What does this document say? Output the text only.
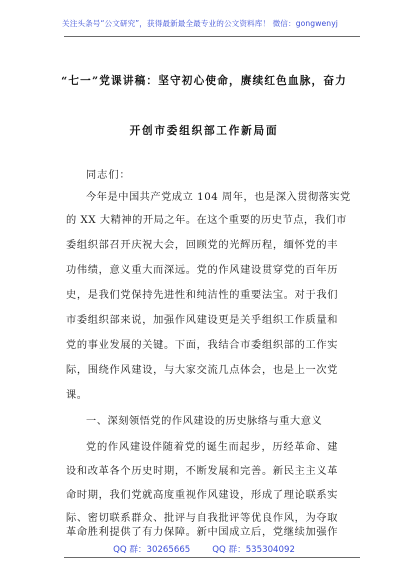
关注头条号“公文研究”，获得最新最全最专业的公文资料库！ 微信：gongwenyj
“七一”党课讲稿：坚守初心使命，赓续红色血脉，奋力
开创市委组织部工作新局面
同志们：
今年是中国共产党成立 104 周年，也是深入贯彻落实党
的 XX 大精神的开局之年。在这个重要的历史节点，我们市
委组织部召开庆祝大会，回顾党的光辉历程，缅怀党的丰
功伟绩，意义重大而深远。党的作风建设贯穿党的百年历
史，是我们党保持先进性和纯洁性的重要法宝。对于我们
市委组织部来说，加强作风建设更是关乎组织工作质量和
党的事业发展的关键。下面，我结合市委组织部的工作实
际，围绕作风建设，与大家交流几点体会，也是上一次党
课。
一、深刻领悟党的作风建设的历史脉络与重大意义
党的作风建设伴随着党的诞生而起步，历经革命、建
设和改革各个历史时期，不断发展和完善。新民主主义革
命时期，我们党就高度重视作风建设，形成了理论联系实
际、密切联系群众、批评与自我批评等优良作风，为夺取
QQ 群：30265665	QQ 群：535304092
革命胜利提供了有力保障。新中国成立后，党继续加强作
